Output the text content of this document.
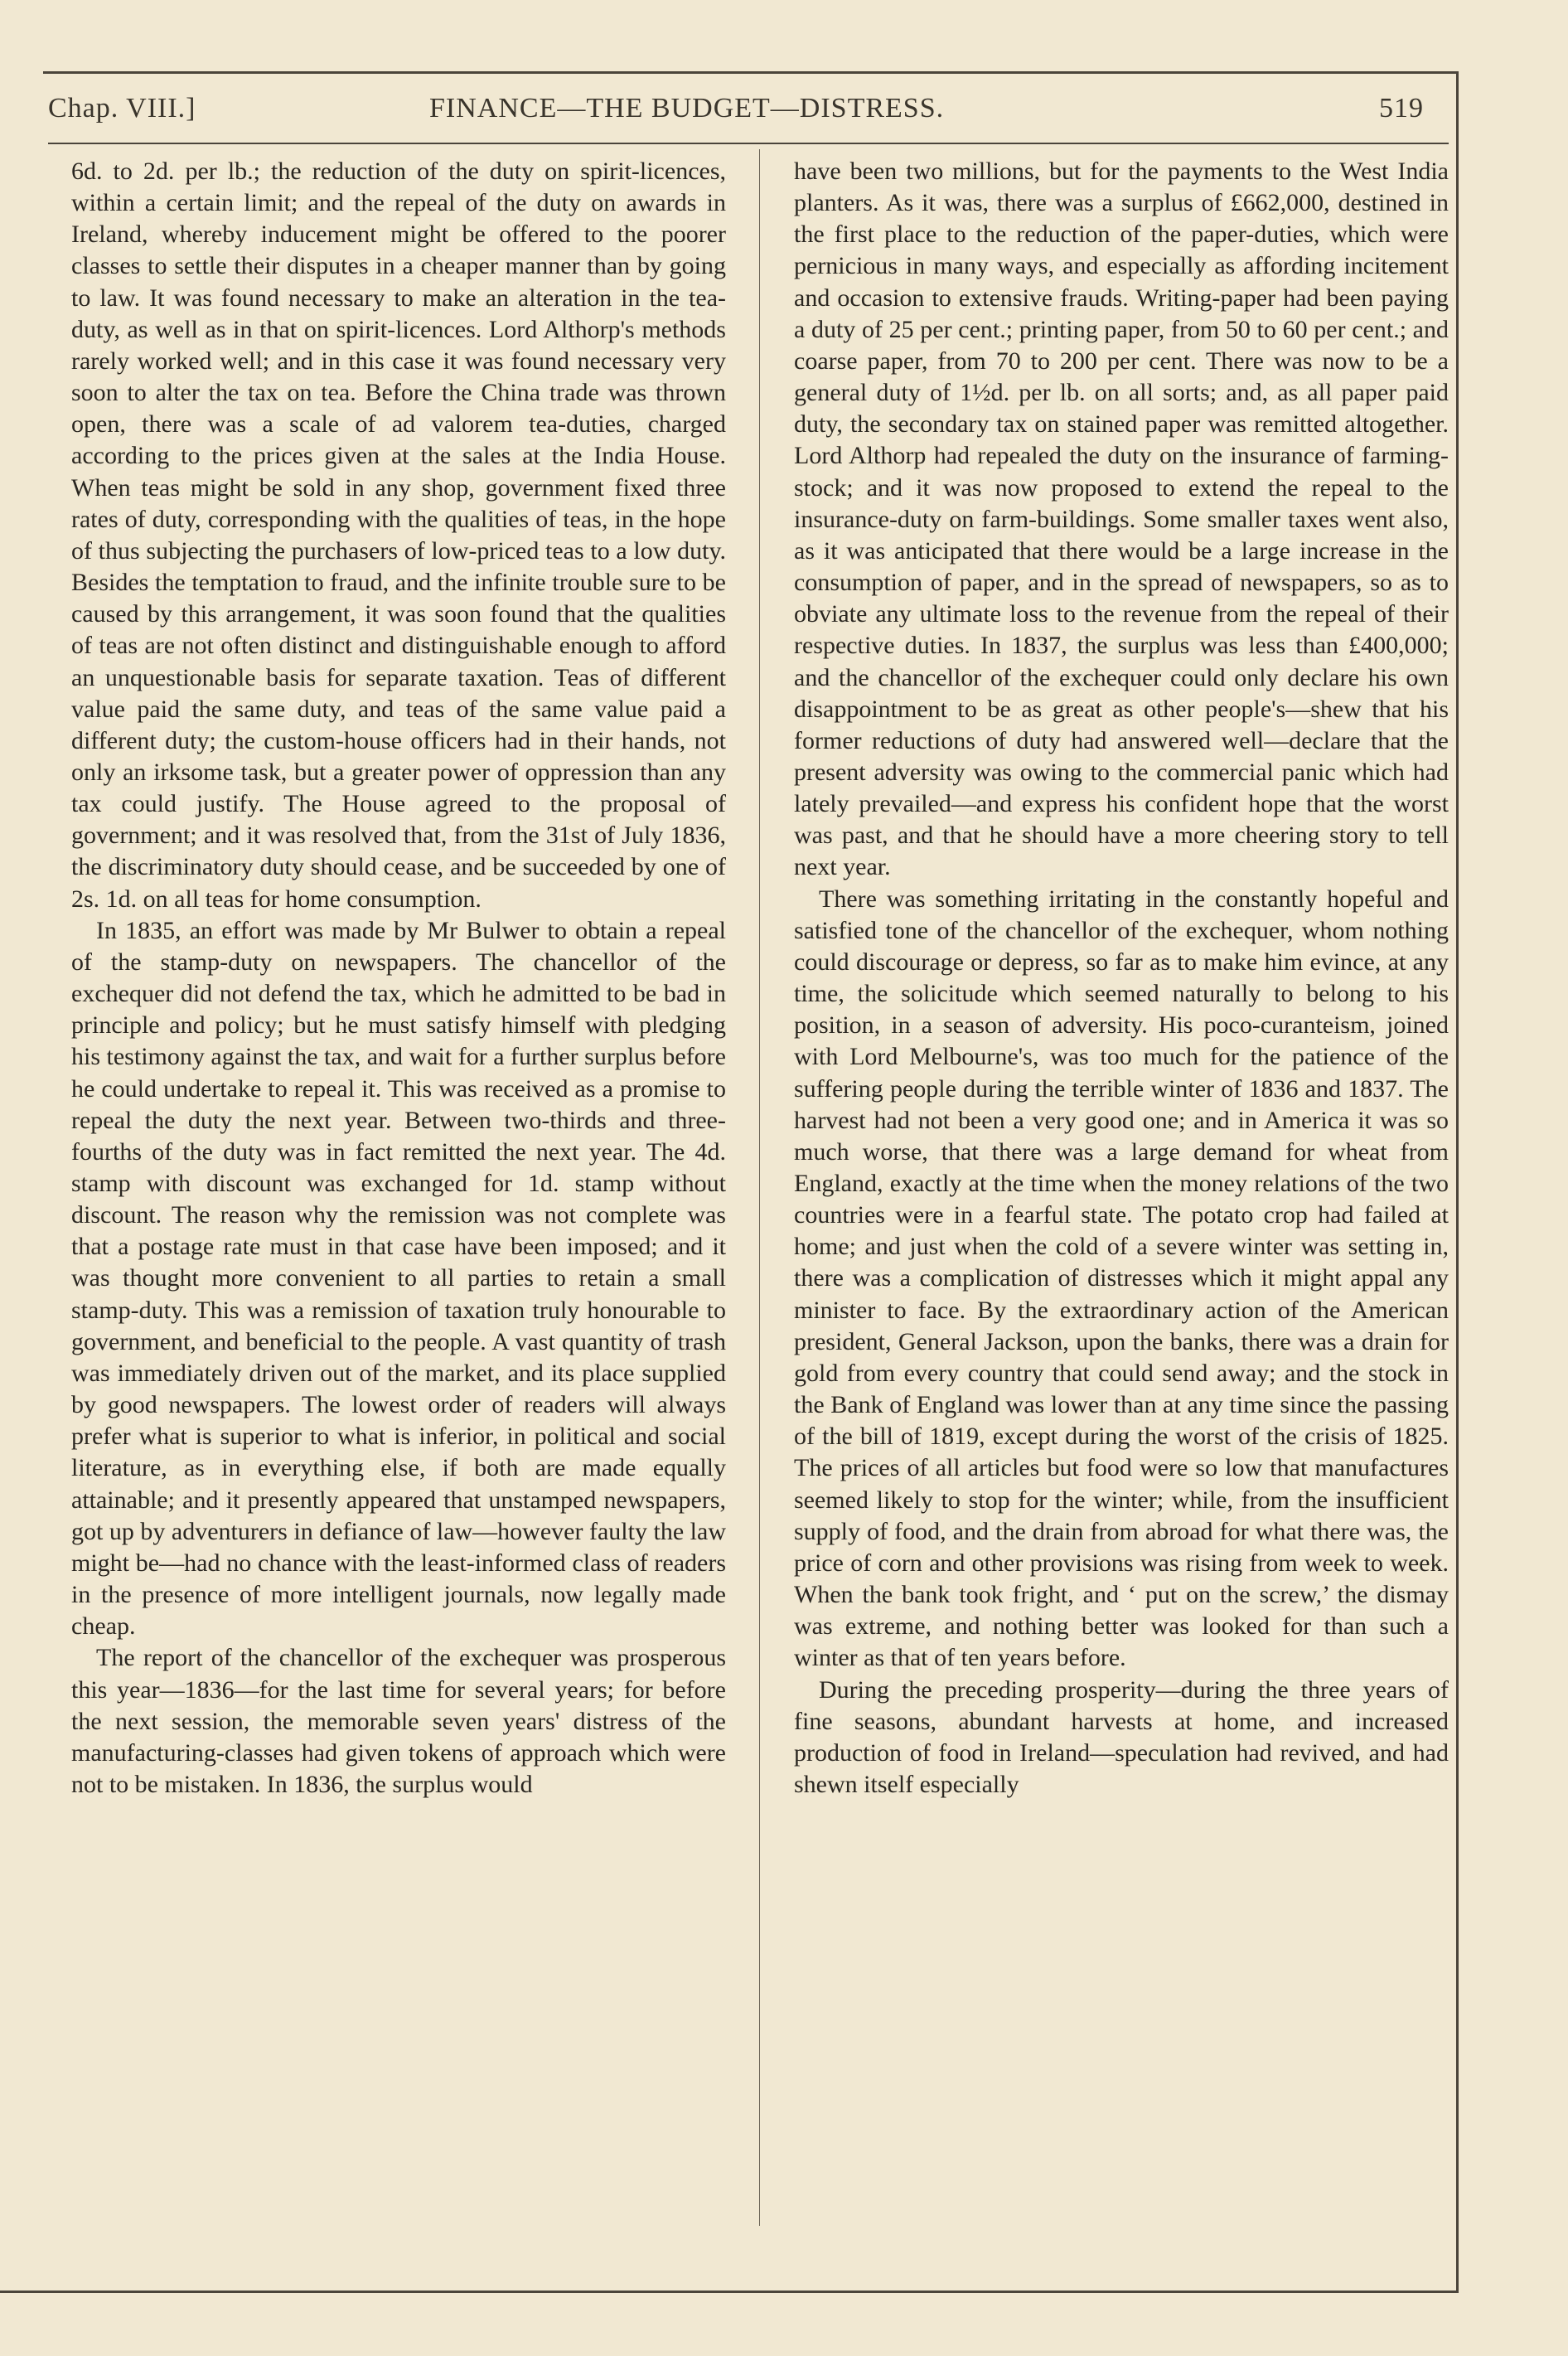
Chap. VIII.]	FINANCE—THE BUDGET—DISTRESS.	519

6d. to 2d. per lb.; the reduction of the duty on spirit-licences, within a certain limit; and the repeal of the duty on awards in Ireland, whereby inducement might be offered to the poorer classes to settle their disputes in a cheaper manner than by going to law. It was found necessary to make an alteration in the tea-duty, as well as in that on spirit-licences. Lord Althorp's methods rarely worked well; and in this case it was found necessary very soon to alter the tax on tea. Before the China trade was thrown open, there was a scale of ad valorem tea-duties, charged according to the prices given at the sales at the India House. When teas might be sold in any shop, government fixed three rates of duty, corresponding with the qualities of teas, in the hope of thus subjecting the purchasers of low-priced teas to a low duty. Besides the temptation to fraud, and the infinite trouble sure to be caused by this arrangement, it was soon found that the qualities of teas are not often distinct and distinguishable enough to afford an unquestionable basis for separate taxation. Teas of different value paid the same duty, and teas of the same value paid a different duty; the custom-house officers had in their hands, not only an irksome task, but a greater power of oppression than any tax could justify. The House agreed to the proposal of government; and it was resolved that, from the 31st of July 1836, the discriminatory duty should cease, and be succeeded by one of 2s. 1d. on all teas for home consumption.

In 1835, an effort was made by Mr Bulwer to obtain a repeal of the stamp-duty on newspapers. The chancellor of the exchequer did not defend the tax, which he admitted to be bad in principle and policy; but he must satisfy himself with pledging his testimony against the tax, and wait for a further surplus before he could undertake to repeal it. This was received as a promise to repeal the duty the next year. Between two-thirds and three-fourths of the duty was in fact remitted the next year. The 4d. stamp with discount was exchanged for 1d. stamp without discount. The reason why the remission was not complete was that a postage rate must in that case have been imposed; and it was thought more convenient to all parties to retain a small stamp-duty. This was a remission of taxation truly honourable to government, and beneficial to the people. A vast quantity of trash was immediately driven out of the market, and its place supplied by good newspapers. The lowest order of readers will always prefer what is superior to what is inferior, in political and social literature, as in everything else, if both are made equally attainable; and it presently appeared that unstamped newspapers, got up by adventurers in defiance of law—however faulty the law might be—had no chance with the least-informed class of readers in the presence of more intelligent journals, now legally made cheap.

The report of the chancellor of the exchequer was prosperous this year—1836—for the last time for several years; for before the next session, the memorable seven years' distress of the manufacturing-classes had given tokens of approach which were not to be mistaken. In 1836, the surplus would

have been two millions, but for the payments to the West India planters. As it was, there was a surplus of £662,000, destined in the first place to the reduction of the paper-duties, which were pernicious in many ways, and especially as affording incitement and occasion to extensive frauds. Writing-paper had been paying a duty of 25 per cent.; printing paper, from 50 to 60 per cent.; and coarse paper, from 70 to 200 per cent. There was now to be a general duty of 1½d. per lb. on all sorts; and, as all paper paid duty, the secondary tax on stained paper was remitted altogether. Lord Althorp had repealed the duty on the insurance of farming-stock; and it was now proposed to extend the repeal to the insurance-duty on farm-buildings. Some smaller taxes went also, as it was anticipated that there would be a large increase in the consumption of paper, and in the spread of newspapers, so as to obviate any ultimate loss to the revenue from the repeal of their respective duties. In 1837, the surplus was less than £400,000; and the chancellor of the exchequer could only declare his own disappointment to be as great as other people's—shew that his former reductions of duty had answered well—declare that the present adversity was owing to the commercial panic which had lately prevailed—and express his confident hope that the worst was past, and that he should have a more cheering story to tell next year.

There was something irritating in the constantly hopeful and satisfied tone of the chancellor of the exchequer, whom nothing could discourage or depress, so far as to make him evince, at any time, the solicitude which seemed naturally to belong to his position, in a season of adversity. His poco-curanteism, joined with Lord Melbourne's, was too much for the patience of the suffering people during the terrible winter of 1836 and 1837. The harvest had not been a very good one; and in America it was so much worse, that there was a large demand for wheat from England, exactly at the time when the money relations of the two countries were in a fearful state. The potato crop had failed at home; and just when the cold of a severe winter was setting in, there was a complication of distresses which it might appal any minister to face. By the extraordinary action of the American president, General Jackson, upon the banks, there was a drain for gold from every country that could send away; and the stock in the Bank of England was lower than at any time since the passing of the bill of 1819, except during the worst of the crisis of 1825. The prices of all articles but food were so low that manufactures seemed likely to stop for the winter; while, from the insufficient supply of food, and the drain from abroad for what there was, the price of corn and other provisions was rising from week to week. When the bank took fright, and ‘ put on the screw,’ the dismay was extreme, and nothing better was looked for than such a winter as that of ten years before.

During the preceding prosperity—during the three years of fine seasons, abundant harvests at home, and increased production of food in Ireland—speculation had revived, and had shewn itself especially
